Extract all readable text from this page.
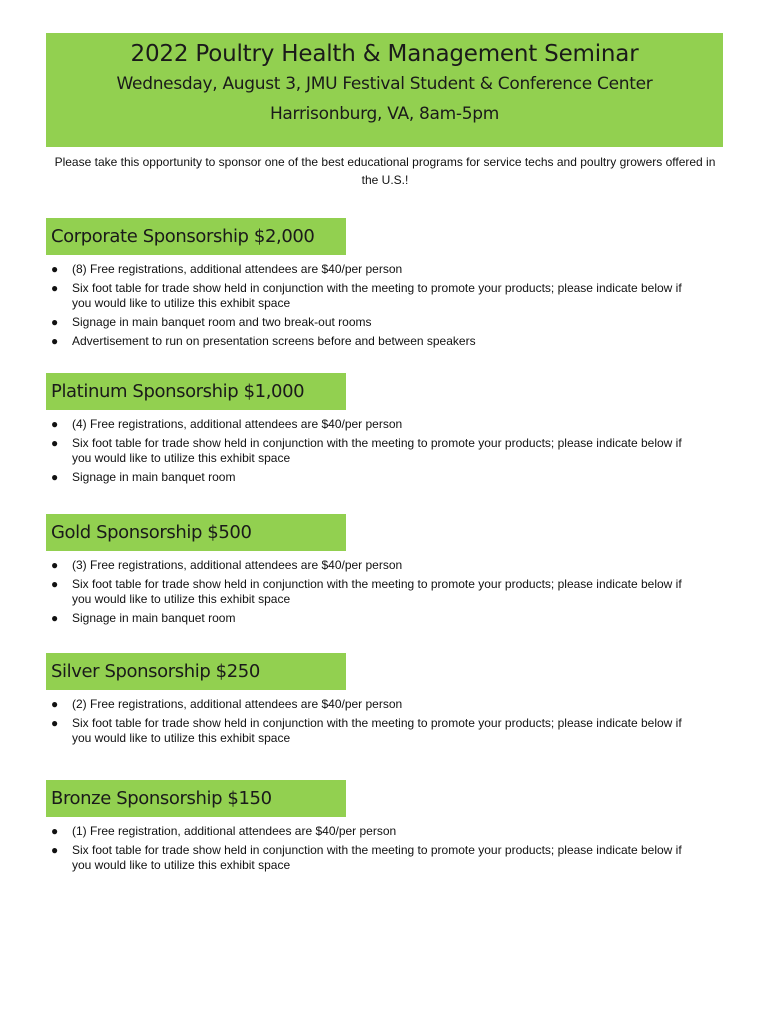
2022 Poultry Health & Management Seminar
Wednesday, August 3, JMU Festival Student & Conference Center
Harrisonburg, VA, 8am-5pm
Please take this opportunity to sponsor one of the best educational programs for service techs and poultry growers offered in the U.S.!
Corporate Sponsorship $2,000
● (8) Free registrations, additional attendees are $40/per person
● Six foot table for trade show held in conjunction with the meeting to promote your products; please indicate below if
you would like to utilize this exhibit space
● Signage in main banquet room and two break-out rooms
● Advertisement to run on presentation screens before and between speakers
Platinum Sponsorship $1,000
● (4) Free registrations, additional attendees are $40/per person
● Six foot table for trade show held in conjunction with the meeting to promote your products; please indicate below if
you would like to utilize this exhibit space
● Signage in main banquet room
Gold Sponsorship $500
● (3) Free registrations, additional attendees are $40/per person
● Six foot table for trade show held in conjunction with the meeting to promote your products; please indicate below if
you would like to utilize this exhibit space
● Signage in main banquet room
Silver Sponsorship $250
● (2) Free registrations, additional attendees are $40/per person
● Six foot table for trade show held in conjunction with the meeting to promote your products; please indicate below if
you would like to utilize this exhibit space
Bronze Sponsorship $150
● (1) Free registration, additional attendees are $40/per person
● Six foot table for trade show held in conjunction with the meeting to promote your products; please indicate below if
you would like to utilize this exhibit space
